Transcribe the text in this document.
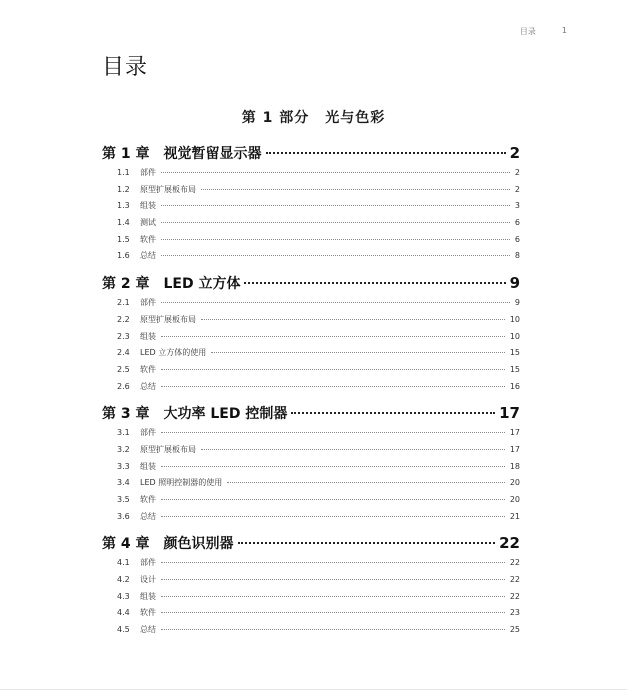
目录	1
目录
第 1 部分 光与色彩
第 1 章 视觉暂留显示器	2
1.1	部件	2
1.2	原型扩展板布局	2
1.3	组装	3
1.4	测试	6
1.5	软件	6
1.6	总结	8
第 2 章 LED 立方体	9
2.1	部件	9
2.2	原型扩展板布局	10
2.3	组装	10
2.4	LED 立方体的使用	15
2.5	软件	15
2.6	总结	16
第 3 章 大功率 LED 控制器	17
3.1	部件	17
3.2	原型扩展板布局	17
3.3	组装	18
3.4	LED 照明控制器的使用	20
3.5	软件	20
3.6	总结	21
第 4 章 颜色识别器	22
4.1	部件	22
4.2	设计	22
4.3	组装	22
4.4	软件	23
4.5	总结	25
